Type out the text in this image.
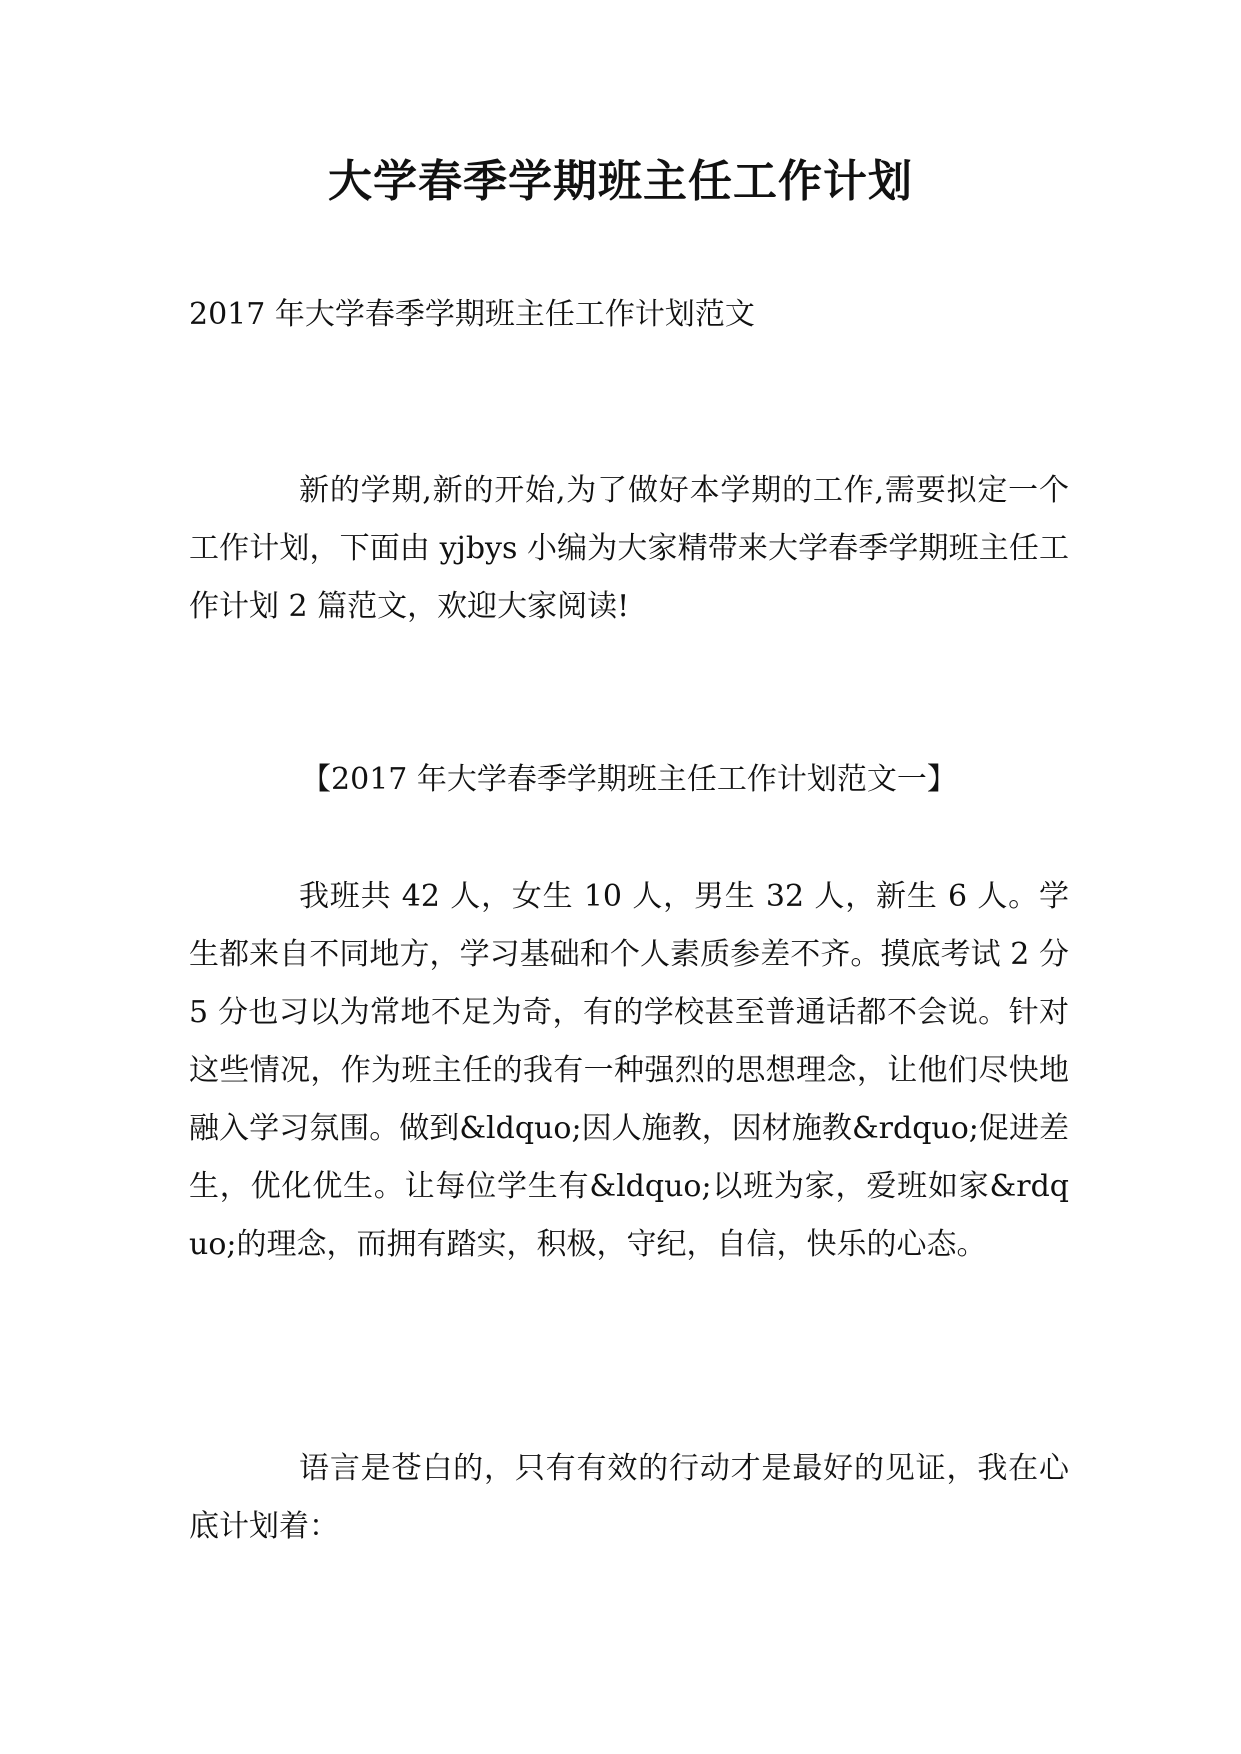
大学春季学期班主任工作计划
2017 年大学春季学期班主任工作计划范文
新的学期,新的开始,为了做好本学期的工作,需要拟定一个工作计划，下面由 yjbys 小编为大家精带来大学春季学期班主任工作计划 2 篇范文，欢迎大家阅读!
【2017 年大学春季学期班主任工作计划范文一】
我班共 42 人，女生 10 人，男生 32 人，新生 6 人。学生都来自不同地方，学习基础和个人素质参差不齐。摸底考试 2 分 5 分也习以为常地不足为奇，有的学校甚至普通话都不会说。针对这些情况，作为班主任的我有一种强烈的思想理念，让他们尽快地融入学习氛围。做到&ldquo;因人施教，因材施教&rdquo;促进差生，优化优生。让每位学生有&ldquo;以班为家，爱班如家&rdquo;的理念，而拥有踏实，积极，守纪，自信，快乐的心态。
语言是苍白的，只有有效的行动才是最好的见证，我在心底计划着：
